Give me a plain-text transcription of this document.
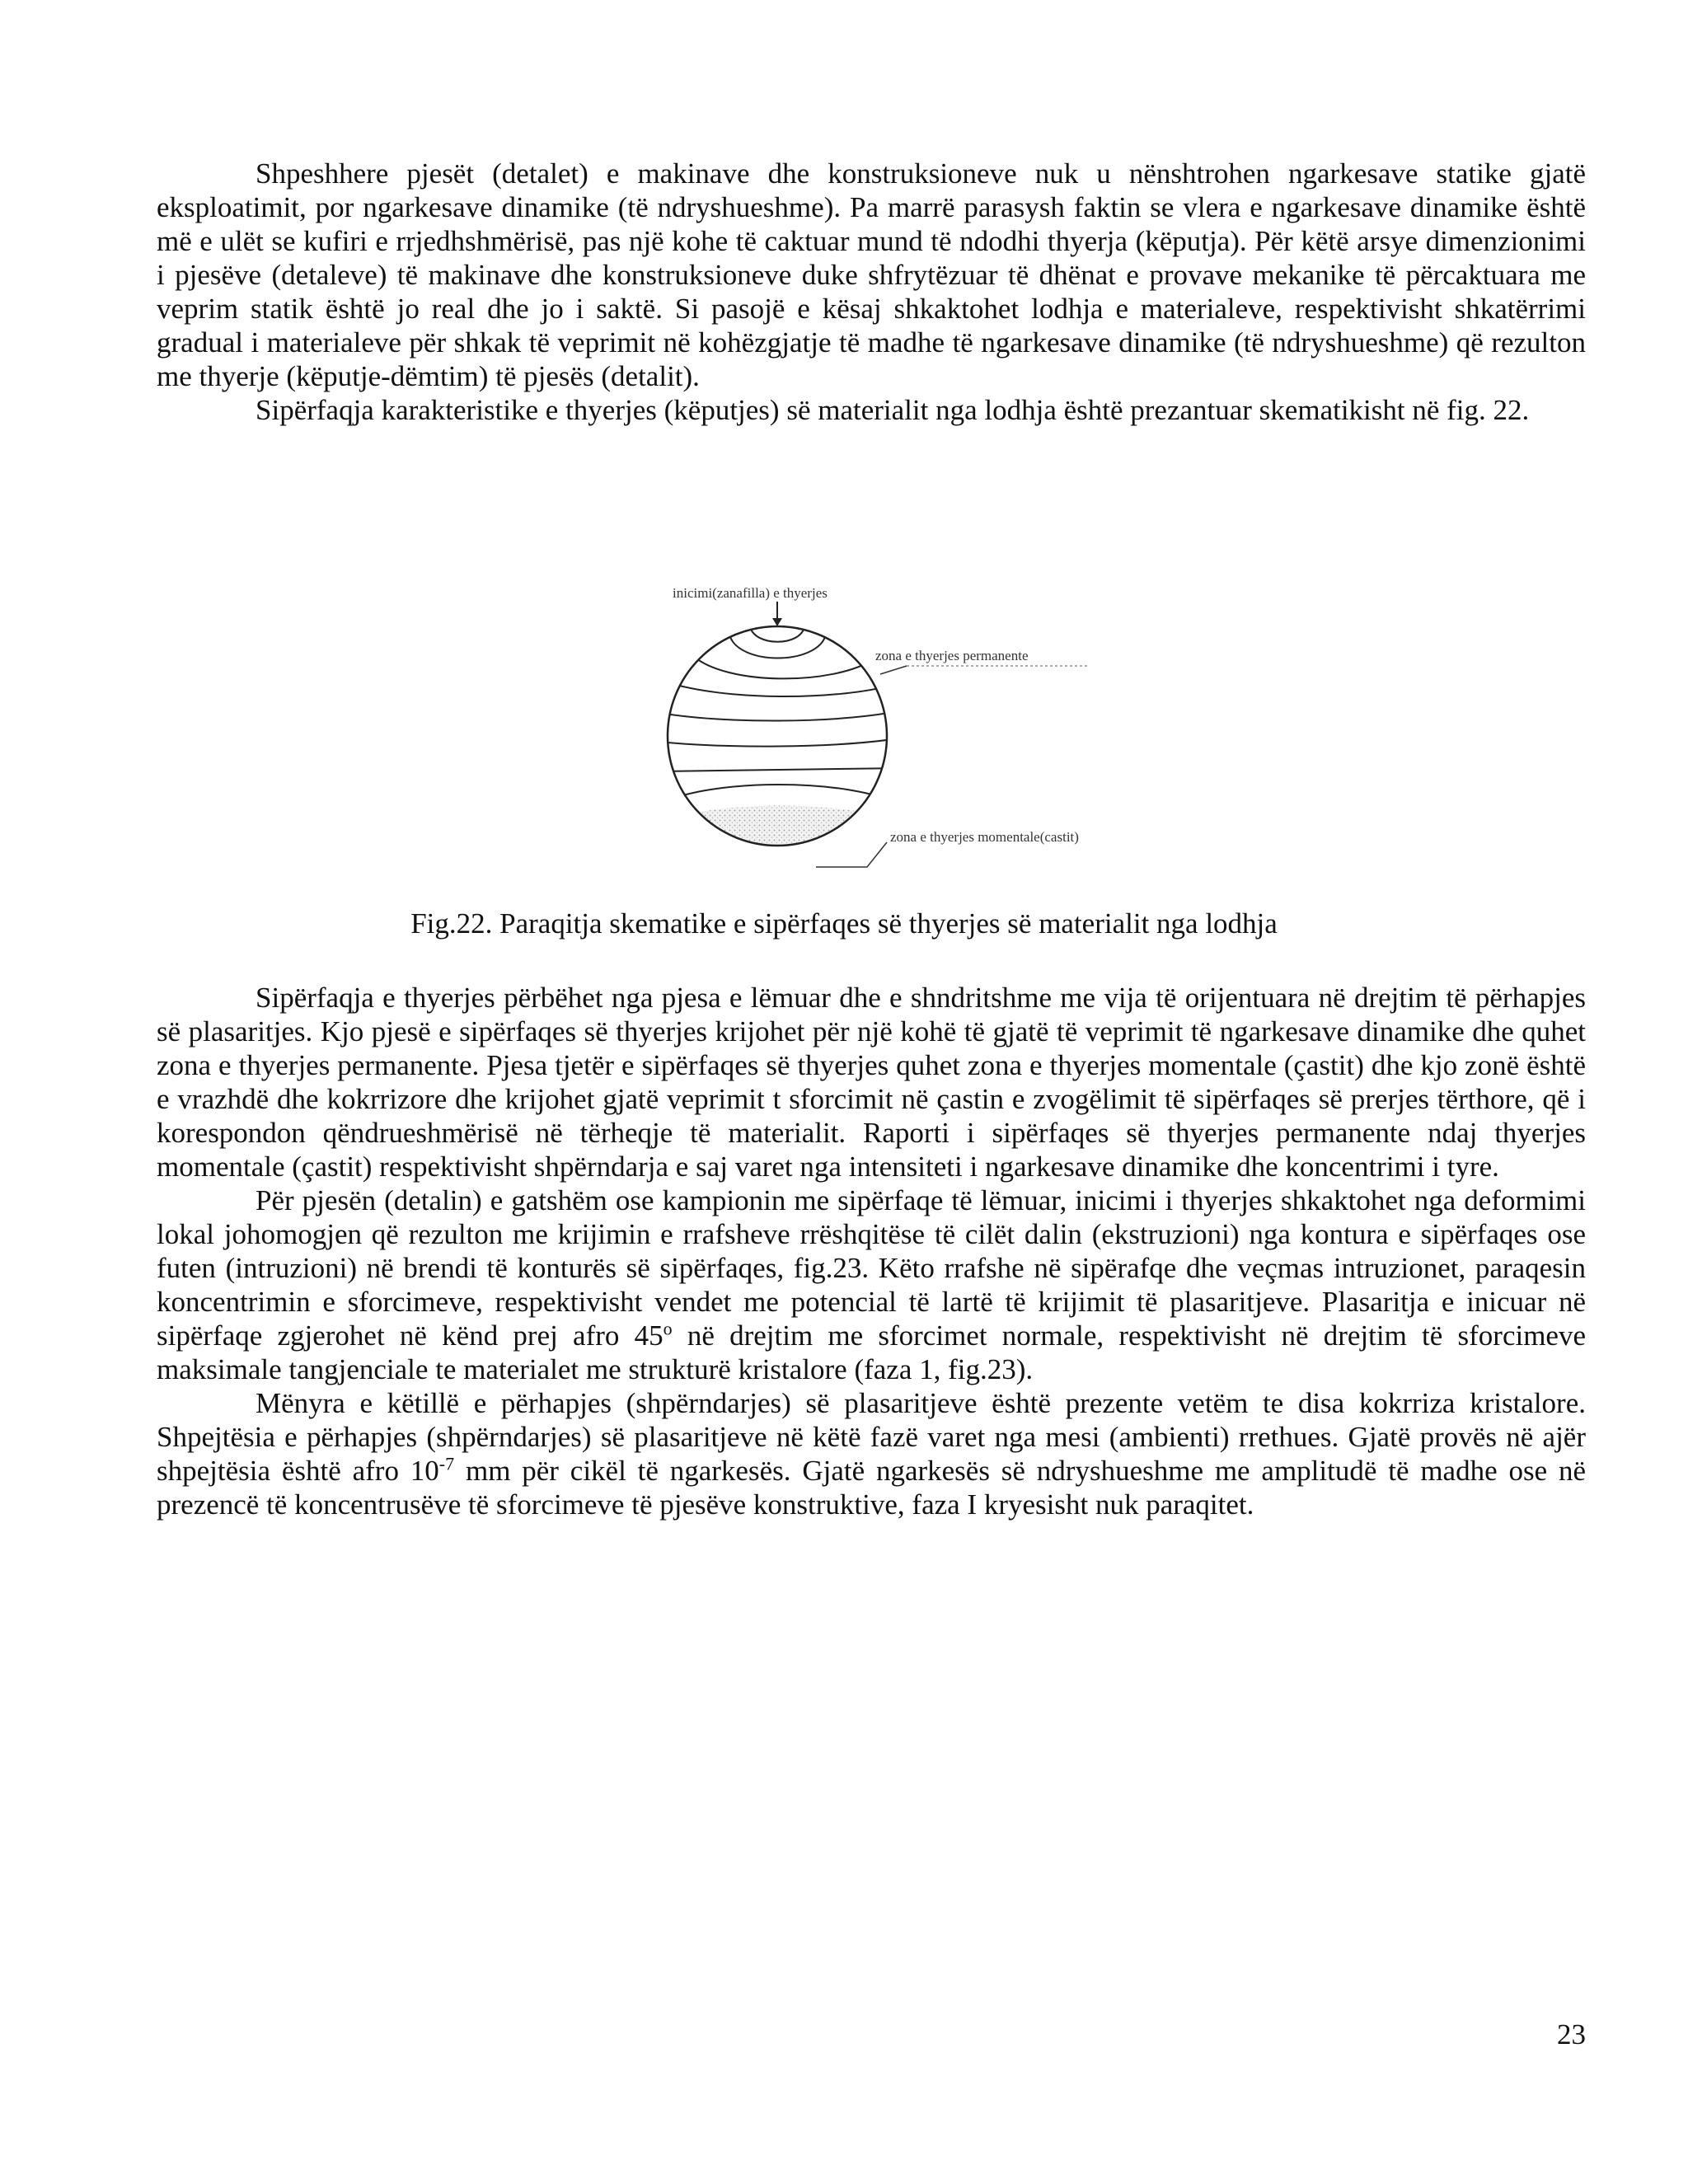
Shpeshhere pjesët (detalet) e makinave dhe konstruksioneve nuk u nënshtrohen ngarkesave statike gjatë eksploatimit, por ngarkesave dinamike (të ndryshueshme). Pa marrë parasysh faktin se vlera e ngarkesave dinamike është më e ulët se kufiri e rrjedhshmërisë, pas një kohe të caktuar mund të ndodhi thyerja (këputja). Për këtë arsye dimenzionimi i pjesëve (detaleve) të makinave dhe konstruksioneve duke shfrytëzuar të dhënat e provave mekanike të përcaktuara me veprim statik është jo real dhe jo i saktë. Si pasojë e kësaj shkaktohet lodhja e materialeve, respektivisht shkatërrimi gradual i materialeve për shkak të veprimit në kohëzgjatje të madhe të ngarkesave dinamike (të ndryshueshme) që rezulton me thyerje (këputje-dëmtim) të pjesës (detalit).

Sipërfaqja karakteristike e thyerjes (këputjes) së materialit nga lodhja është prezantuar skematikisht në fig. 22.

inicimi(zanafilla) e thyerjes
zona e thyerjes permanente
zona e thyerjes momentale(castit)
Fig.22. Paraqitja skematike e sipërfaqes së thyerjes së materialit nga lodhja

Sipërfaqja e thyerjes përbëhet nga pjesa e lëmuar dhe e shndritshme me vija të orijentuara në drejtim të përhapjes së plasaritjes. Kjo pjesë e sipërfaqes së thyerjes krijohet për një kohë të gjatë të veprimit të ngarkesave dinamike dhe quhet zona e thyerjes permanente. Pjesa tjetër e sipërfaqes së thyerjes quhet zona e thyerjes momentale (çastit) dhe kjo zonë është e vrazhdë dhe kokrrizore dhe krijohet gjatë veprimit t sforcimit në çastin e zvogëlimit të sipërfaqes së prerjes tërthore, që i korespondon qëndrueshmërisë në tërheqje të materialit. Raporti i sipërfaqes së thyerjes permanente ndaj thyerjes momentale (çastit) respektivisht shpërndarja e saj varet nga intensiteti i ngarkesave dinamike dhe koncentrimi i tyre.

Për pjesën (detalin) e gatshëm ose kampionin me sipërfaqe të lëmuar, inicimi i thyerjes shkaktohet nga deformimi lokal johomogjen që rezulton me krijimin e rrafsheve rrëshqitëse të cilët dalin (ekstruzioni) nga kontura e sipërfaqes ose futen (intruzioni) në brendi të konturës së sipërfaqes, fig.23. Këto rrafshe në sipërafqe dhe veçmas intruzionet, paraqesin koncentrimin e sforcimeve, respektivisht vendet me potencial të lartë të krijimit të plasaritjeve. Plasaritja e inicuar në sipërfaqe zgjerohet në kënd prej afro 45$^o$ në drejtim me sforcimet normale, respektivisht në drejtim të sforcimeve maksimale tangjenciale te materialet me strukturë kristalore (faza 1, fig.23).

Mënyra e këtillë e përhapjes (shpërndarjes) së plasaritjeve është prezente vetëm te disa kokrriza kristalore. Shpejtësia e përhapjes (shpërndarjes) së plasaritjeve në këtë fazë varet nga mesi (ambienti) rrethues. Gjatë provës në ajër shpejtësia është afro $10^{-7}$ mm për cikël të ngarkesës. Gjatë ngarkesës së ndryshueshme me amplitudë të madhe ose në prezencë të koncentrusëve të sforcimeve të pjesëve konstruktive, faza I kryesisht nuk paraqitet.

23
